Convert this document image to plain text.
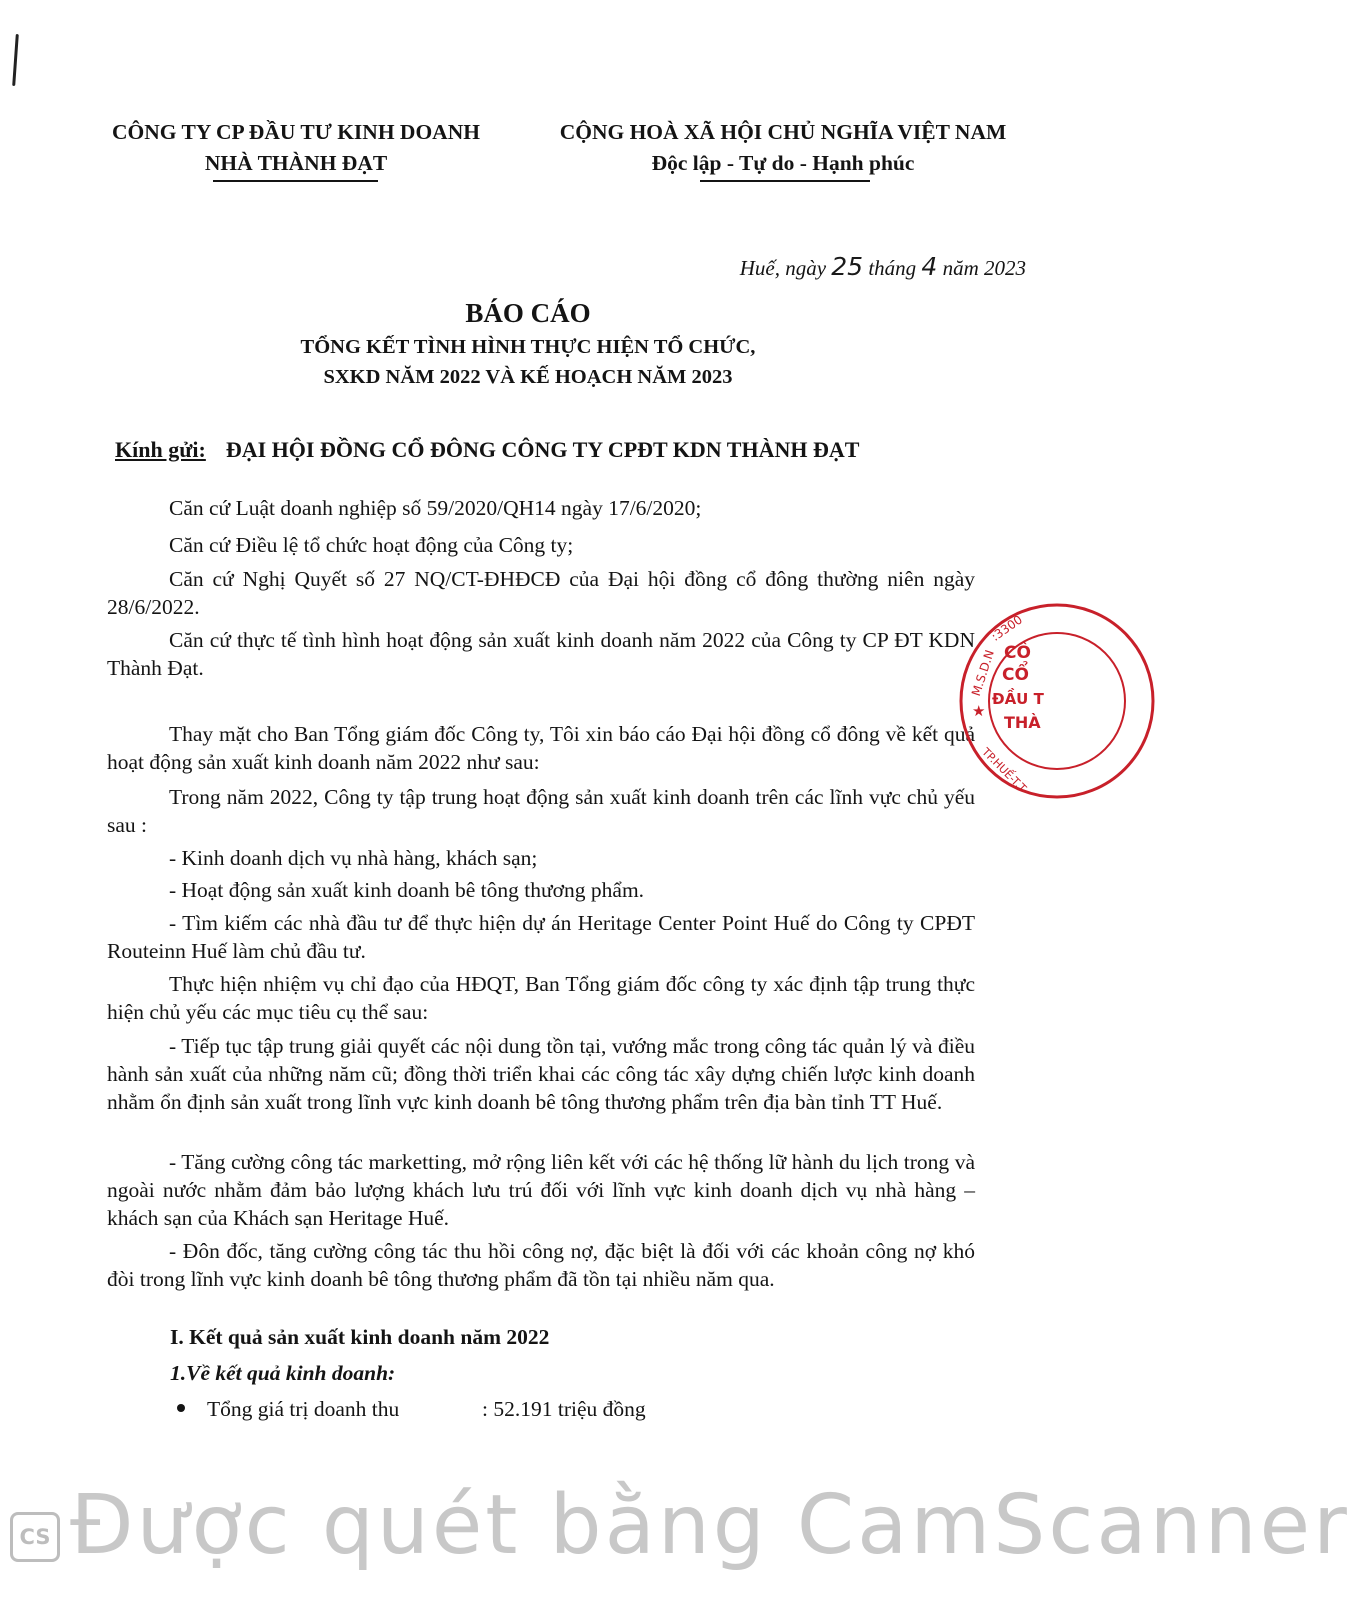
CÔNG TY CP ĐẦU TƯ KINH DOANH
NHÀ THÀNH ĐẠT
CỘNG HOÀ XÃ HỘI CHỦ NGHĨA VIỆT NAM
Độc lập - Tự do - Hạnh phúc
Huế, ngày 25 tháng 4 năm 2023
BÁO CÁO
TỔNG KẾT TÌNH HÌNH THỰC HIỆN TỔ CHỨC,
SXKD NĂM 2022 VÀ KẾ HOẠCH NĂM 2023
Kính gửi: ĐẠI HỘI ĐỒNG CỔ ĐÔNG CÔNG TY CPĐT KDN THÀNH ĐẠT
Căn cứ Luật doanh nghiệp số 59/2020/QH14 ngày 17/6/2020;
Căn cứ Điều lệ tổ chức hoạt động của Công ty;
Căn cứ Nghị Quyết số 27 NQ/CT-ĐHĐCĐ của Đại hội đồng cổ đông thường niên ngày 28/6/2022.
Căn cứ thực tế tình hình hoạt động sản xuất kinh doanh năm 2022 của Công ty CP ĐT KDN Thành Đạt.
Thay mặt cho Ban Tổng giám đốc Công ty, Tôi xin báo cáo Đại hội đồng cổ đông về kết quả hoạt động sản xuất kinh doanh năm 2022 như sau:
Trong năm 2022, Công ty tập trung hoạt động sản xuất kinh doanh trên các lĩnh vực chủ yếu sau :
- Kinh doanh dịch vụ nhà hàng, khách sạn;
- Hoạt động sản xuất kinh doanh bê tông thương phẩm.
- Tìm kiếm các nhà đầu tư để thực hiện dự án Heritage Center Point Huế do Công ty CPĐT Routeinn Huế làm chủ đầu tư.
Thực hiện nhiệm vụ chỉ đạo của HĐQT, Ban Tổng giám đốc công ty xác định tập trung thực hiện chủ yếu các mục tiêu cụ thể sau:
- Tiếp tục tập trung giải quyết các nội dung tồn tại, vướng mắc trong công tác quản lý và điều hành sản xuất của những năm cũ; đồng thời triển khai các công tác xây dựng chiến lược kinh doanh nhằm ổn định sản xuất trong lĩnh vực kinh doanh bê tông thương phẩm trên địa bàn tỉnh TT Huế.
- Tăng cường công tác marketting, mở rộng liên kết với các hệ thống lữ hành du lịch trong và ngoài nước nhằm đảm bảo lượng khách lưu trú đối với lĩnh vực kinh doanh dịch vụ nhà hàng – khách sạn của Khách sạn Heritage Huế.
- Đôn đốc, tăng cường công tác thu hồi công nợ, đặc biệt là đối với các khoản công nợ khó đòi trong lĩnh vực kinh doanh bê tông thương phẩm đã tồn tại nhiều năm qua.
I. Kết quả sản xuất kinh doanh năm 2022
1.Về kết quả kinh doanh:
Tổng giá trị doanh thu	: 52.191 triệu đồng
★
M.S.D.N
:3300
TP.HUẾ-T.T
CÔ
CỔ
ĐẦU T
THÀ
CS Được quét bằng CamScanner
